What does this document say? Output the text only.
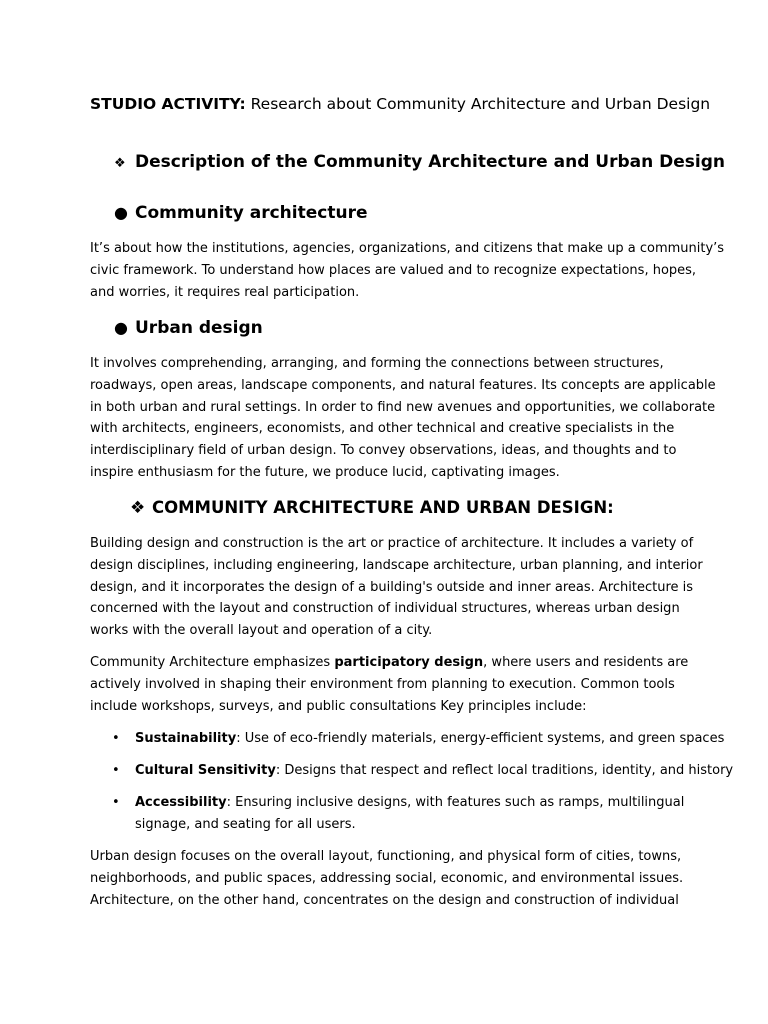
STUDIO ACTIVITY: Research about Community Architecture and Urban Design
❖ Description of the Community Architecture and Urban Design
● Community architecture
It’s about how the institutions, agencies, organizations, and citizens that make up a community’s
civic framework. To understand how places are valued and to recognize expectations, hopes,
and worries, it requires real participation.
● Urban design
It involves comprehending, arranging, and forming the connections between structures,
roadways, open areas, landscape components, and natural features. Its concepts are applicable
in both urban and rural settings. In order to find new avenues and opportunities, we collaborate
with architects, engineers, economists, and other technical and creative specialists in the
interdisciplinary field of urban design. To convey observations, ideas, and thoughts and to
inspire enthusiasm for the future, we produce lucid, captivating images.
❖ COMMUNITY ARCHITECTURE AND URBAN DESIGN:
Building design and construction is the art or practice of architecture. It includes a variety of
design disciplines, including engineering, landscape architecture, urban planning, and interior
design, and it incorporates the design of a building's outside and inner areas. Architecture is
concerned with the layout and construction of individual structures, whereas urban design
works with the overall layout and operation of a city.
Community Architecture emphasizes participatory design, where users and residents are
actively involved in shaping their environment from planning to execution. Common tools
include workshops, surveys, and public consultations Key principles include:
• Sustainability: Use of eco-friendly materials, energy-efficient systems, and green spaces
• Cultural Sensitivity: Designs that respect and reflect local traditions, identity, and history
• Accessibility: Ensuring inclusive designs, with features such as ramps, multilingual
signage, and seating for all users.
Urban design focuses on the overall layout, functioning, and physical form of cities, towns,
neighborhoods, and public spaces, addressing social, economic, and environmental issues.
Architecture, on the other hand, concentrates on the design and construction of individual
